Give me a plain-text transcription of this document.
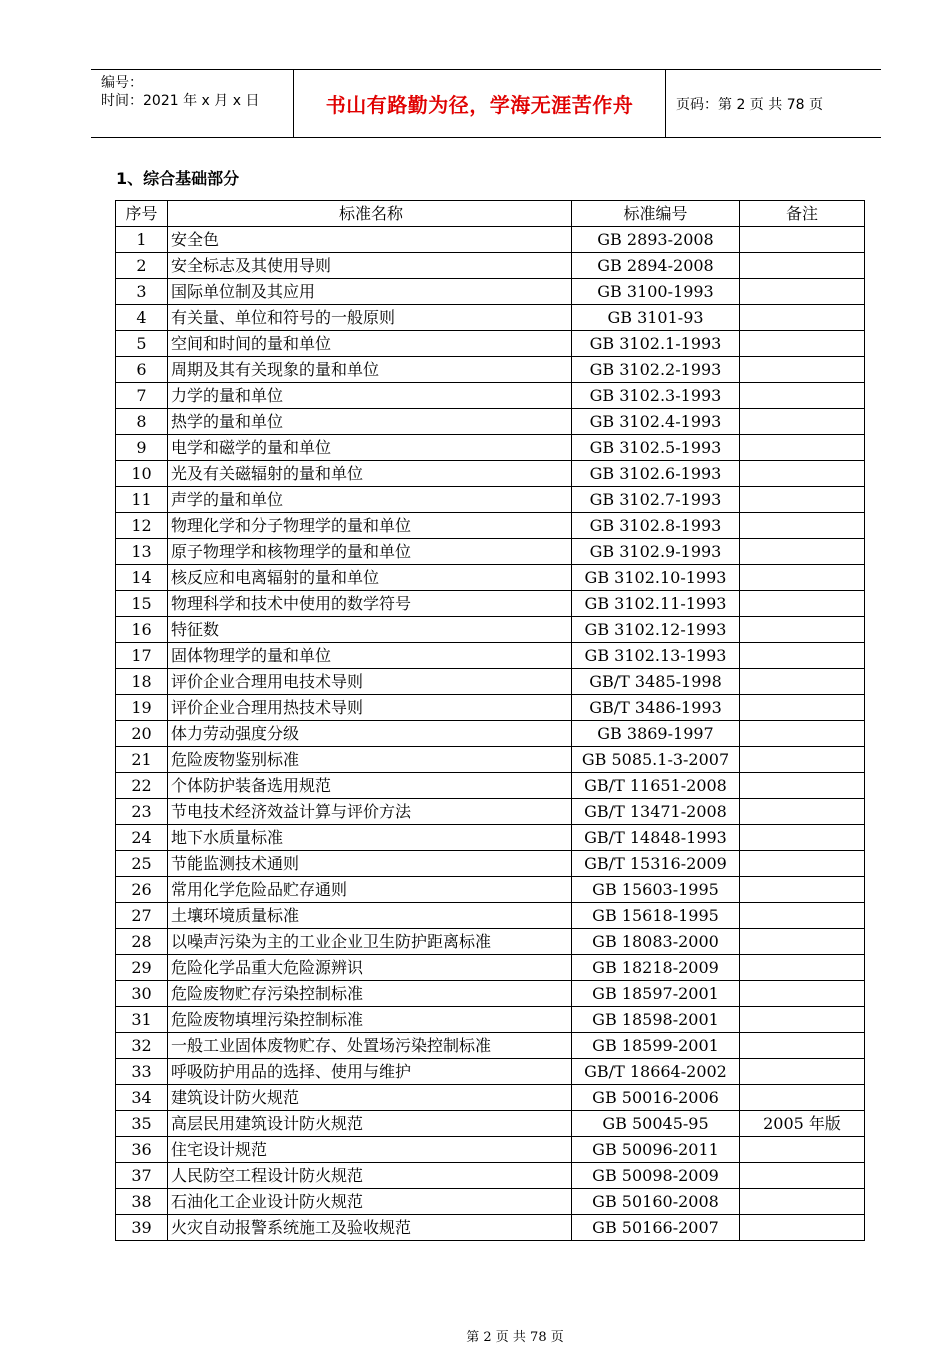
编号：
时间：2021 年 x 月 x 日	书山有路勤为径，学海无涯苦作舟	页码：第 2 页 共 78 页
1、综合基础部分
序号	标准名称	标准编号	备注
1	安全色	GB 2893-2008	
2	安全标志及其使用导则	GB 2894-2008	
3	国际单位制及其应用	GB 3100-1993	
4	有关量、单位和符号的一般原则	GB 3101-93	
5	空间和时间的量和单位	GB 3102.1-1993	
6	周期及其有关现象的量和单位	GB 3102.2-1993	
7	力学的量和单位	GB 3102.3-1993	
8	热学的量和单位	GB 3102.4-1993	
9	电学和磁学的量和单位	GB 3102.5-1993	
10	光及有关磁辐射的量和单位	GB 3102.6-1993	
11	声学的量和单位	GB 3102.7-1993	
12	物理化学和分子物理学的量和单位	GB 3102.8-1993	
13	原子物理学和核物理学的量和单位	GB 3102.9-1993	
14	核反应和电离辐射的量和单位	GB 3102.10-1993	
15	物理科学和技术中使用的数学符号	GB 3102.11-1993	
16	特征数	GB 3102.12-1993	
17	固体物理学的量和单位	GB 3102.13-1993	
18	评价企业合理用电技术导则	GB/T 3485-1998	
19	评价企业合理用热技术导则	GB/T 3486-1993	
20	体力劳动强度分级	GB 3869-1997	
21	危险废物鉴别标准	GB 5085.1-3-2007	
22	个体防护装备选用规范	GB/T 11651-2008	
23	节电技术经济效益计算与评价方法	GB/T 13471-2008	
24	地下水质量标准	GB/T 14848-1993	
25	节能监测技术通则	GB/T 15316-2009	
26	常用化学危险品贮存通则	GB 15603-1995	
27	土壤环境质量标准	GB 15618-1995	
28	以噪声污染为主的工业企业卫生防护距离标准	GB 18083-2000	
29	危险化学品重大危险源辨识	GB 18218-2009	
30	危险废物贮存污染控制标准	GB 18597-2001	
31	危险废物填埋污染控制标准	GB 18598-2001	
32	一般工业固体废物贮存、处置场污染控制标准	GB 18599-2001	
33	呼吸防护用品的选择、使用与维护	GB/T 18664-2002	
34	建筑设计防火规范	GB 50016-2006	
35	高层民用建筑设计防火规范	GB 50045-95	2005 年版
36	住宅设计规范	GB 50096-2011	
37	人民防空工程设计防火规范	GB 50098-2009	
38	石油化工企业设计防火规范	GB 50160-2008	
39	火灾自动报警系统施工及验收规范	GB 50166-2007	
第 2 页 共 78 页
